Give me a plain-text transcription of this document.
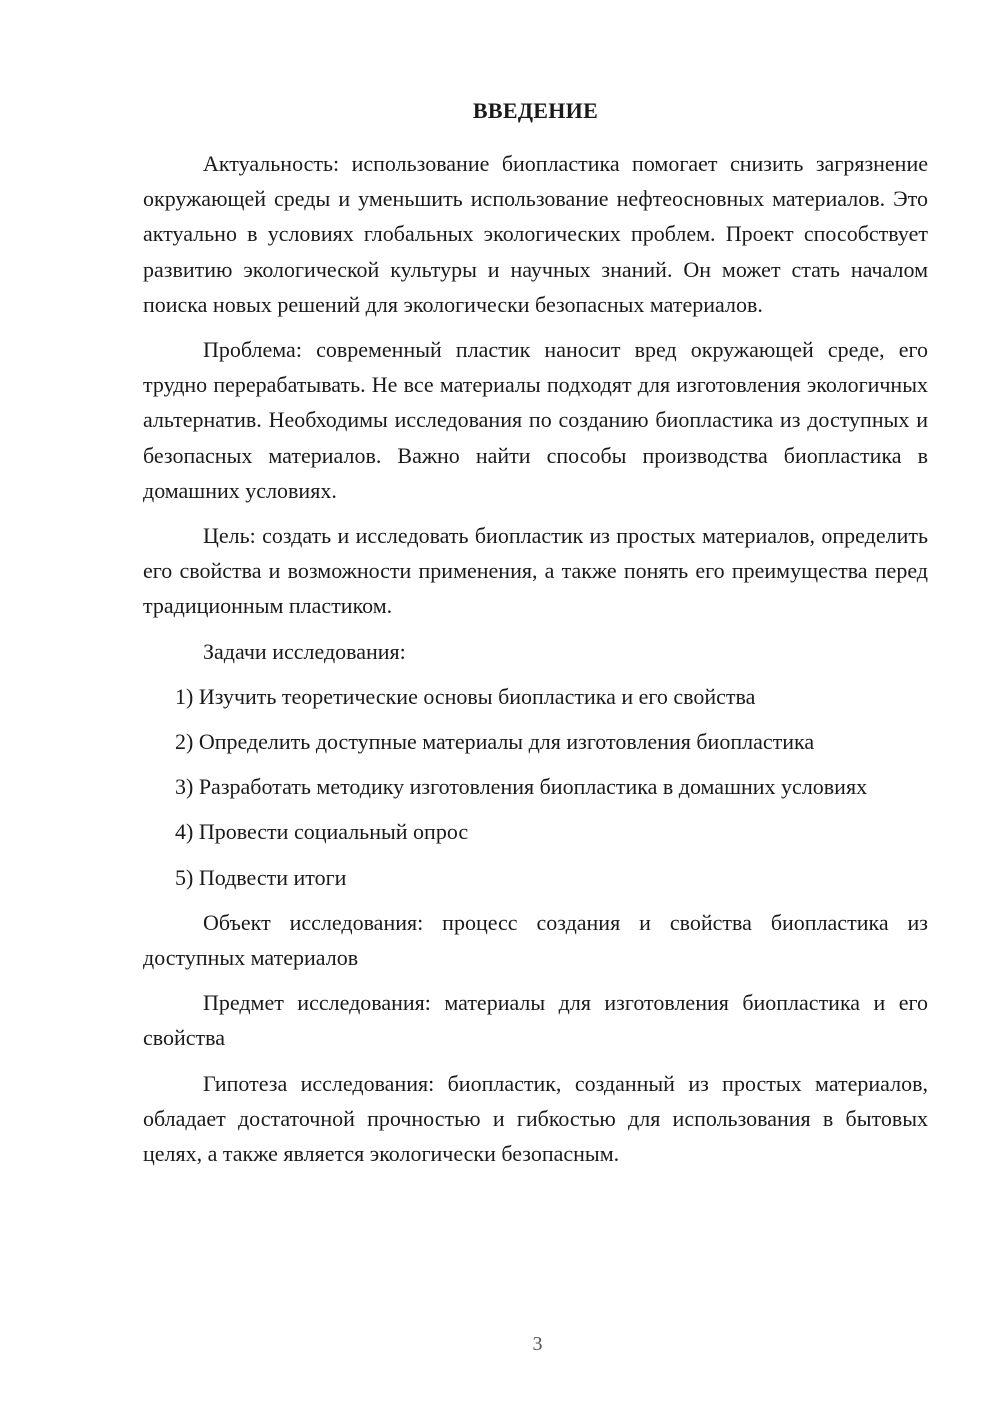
ВВЕДЕНИЕ

Актуальность: использование биопластика помогает снизить загрязнение окружающей среды и уменьшить использование нефтеосновных материалов. Это актуально в условиях глобальных экологических проблем. Проект способствует развитию экологической культуры и научных знаний. Он может стать началом поиска новых решений для экологически безопасных материалов.

Проблема: современный пластик наносит вред окружающей среде, его трудно перерабатывать. Не все материалы подходят для изготовления экологичных альтернатив. Необходимы исследования по созданию биопластика из доступных и безопасных материалов. Важно найти способы производства биопластика в домашних условиях.

Цель: создать и исследовать биопластик из простых материалов, определить его свойства и возможности применения, а также понять его преимущества перед традиционным пластиком.

Задачи исследования:

1) Изучить теоретические основы биопластика и его свойства

2) Определить доступные материалы для изготовления биопластика

3) Разработать методику изготовления биопластика в домашних условиях

4) Провести социальный опрос

5) Подвести итоги

Объект исследования: процесс создания и свойства биопластика из доступных материалов

Предмет исследования: материалы для изготовления биопластика и его свойства

Гипотеза исследования: биопластик, созданный из простых материалов, обладает достаточной прочностью и гибкостью для использования в бытовых целях, а также является экологически безопасным.

3
